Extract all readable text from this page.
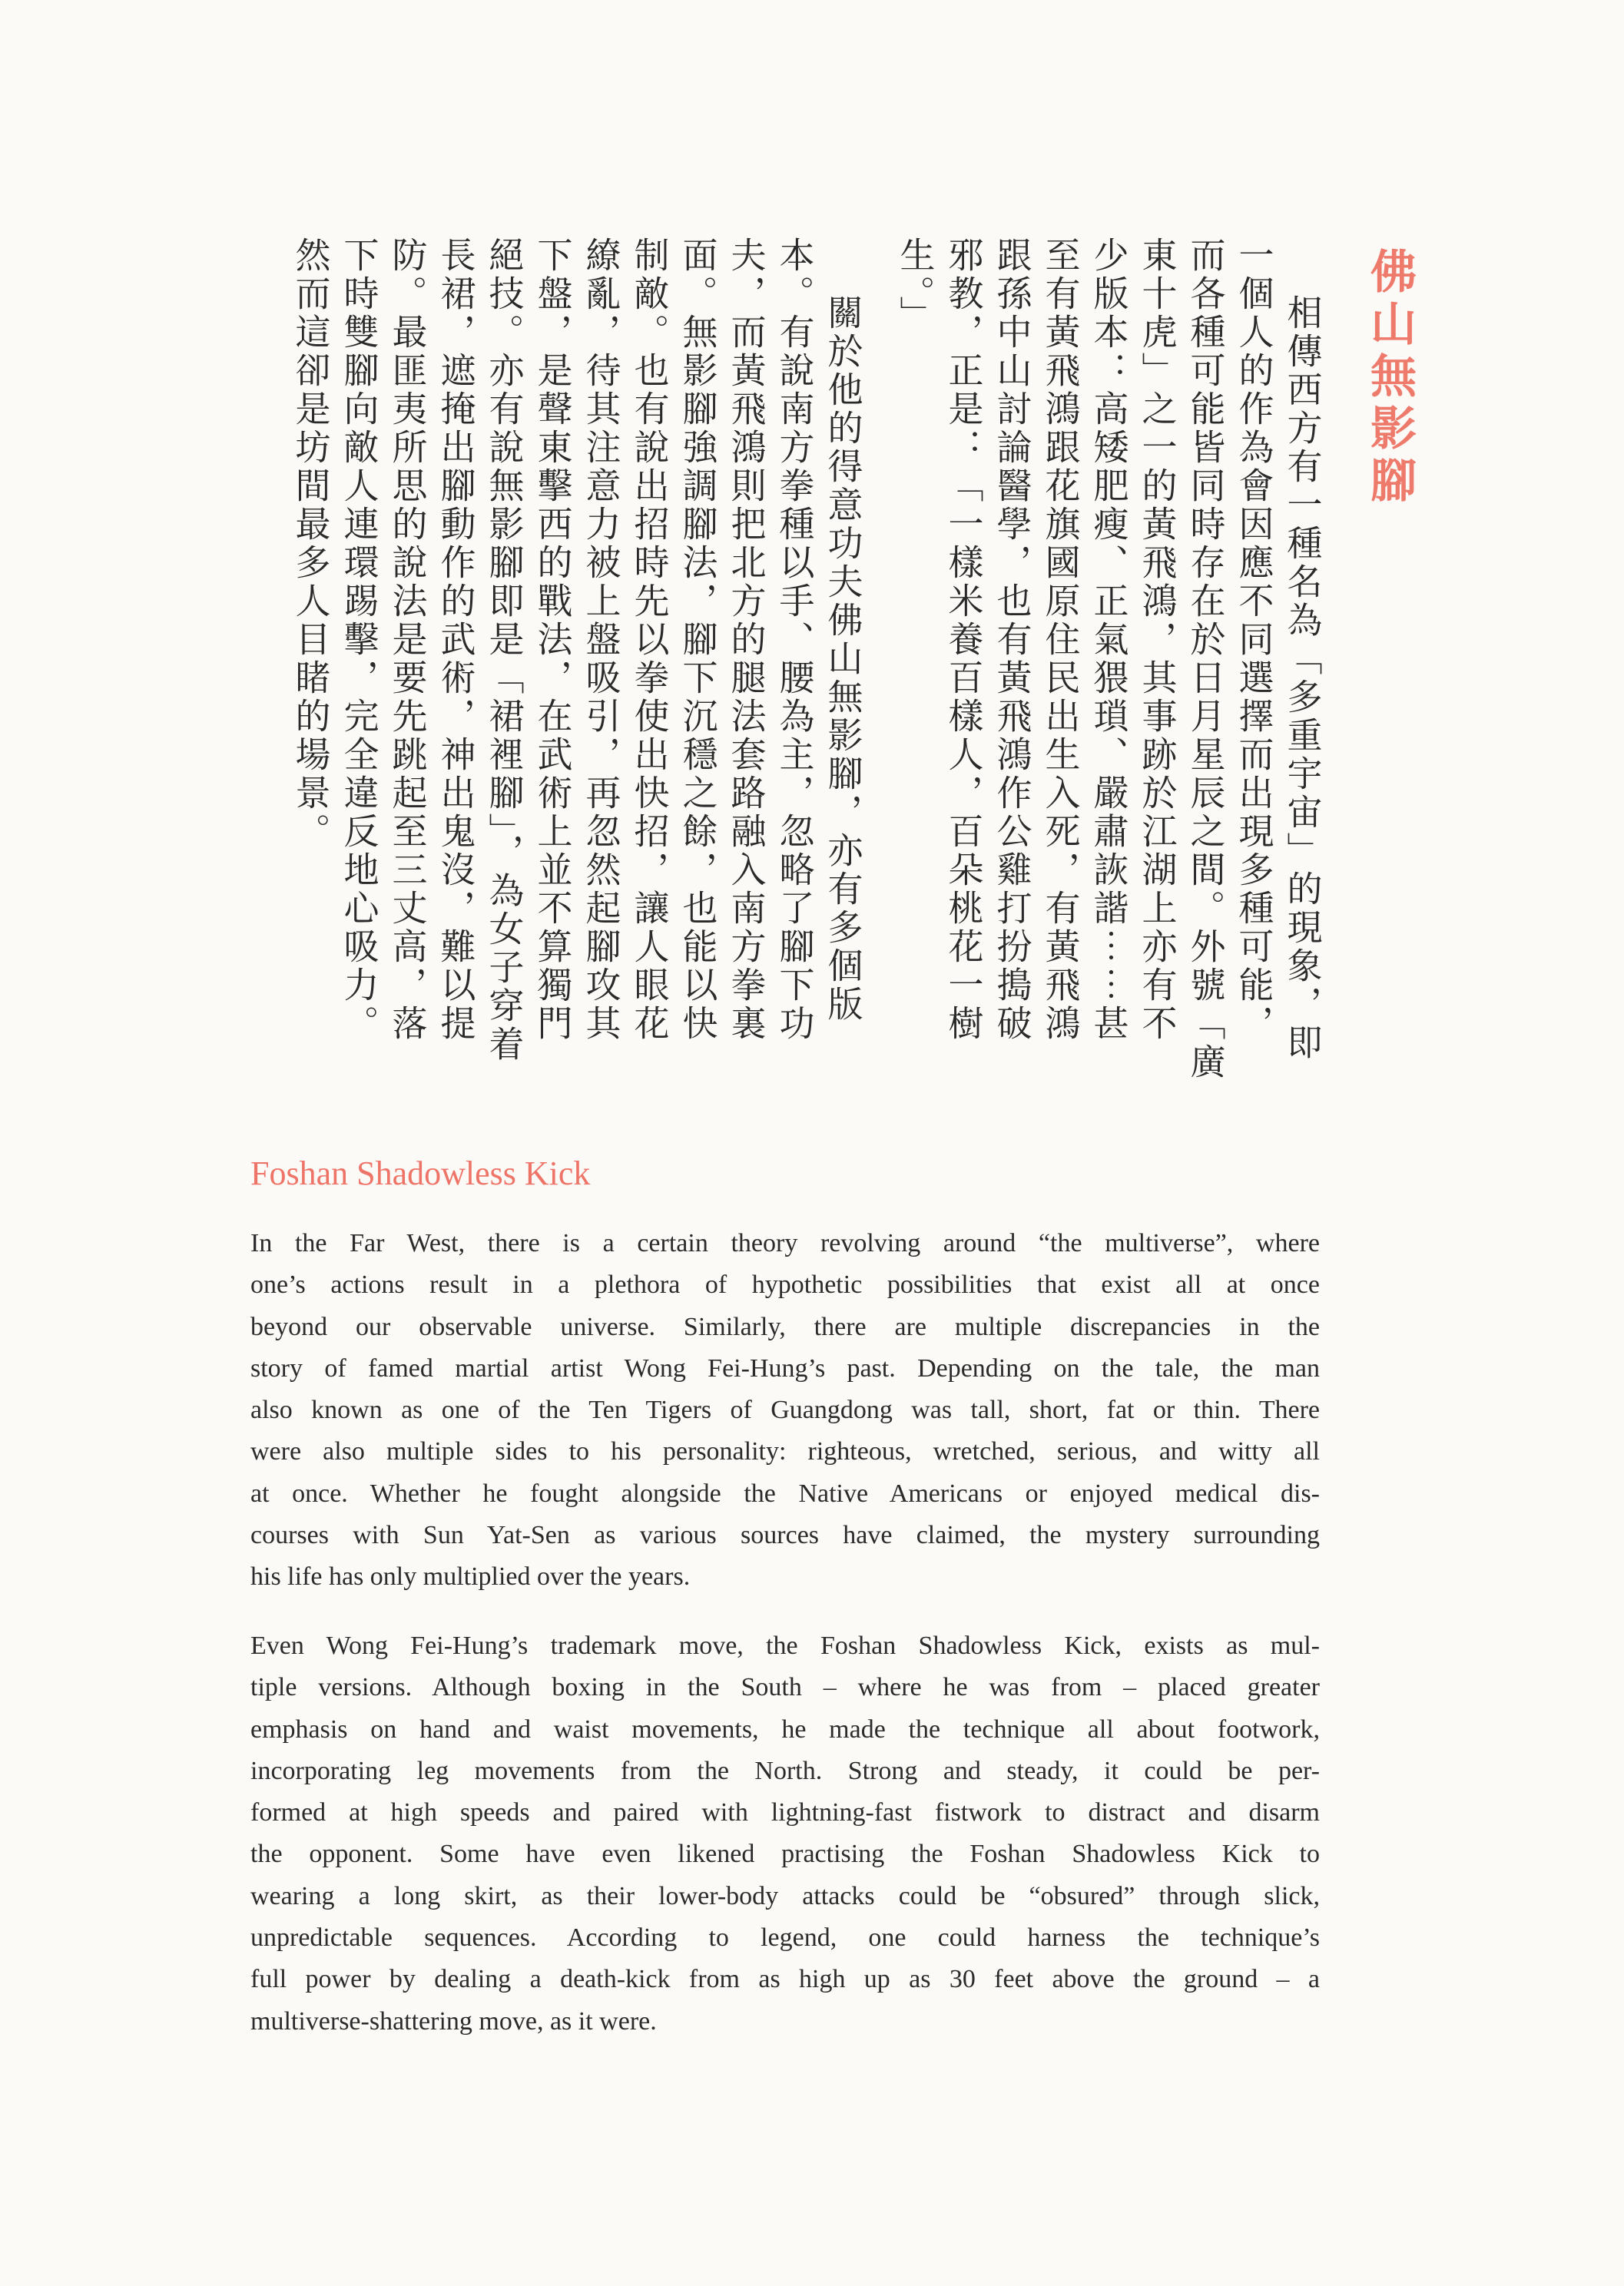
佛山無影腳
相傳西方有一種名為「多重宇宙」的現象，即
一個人的作為會因應不同選擇而出現多種可能，
而各種可能皆同時存在於日月星辰之間。外號「廣
東十虎」之一的黃飛鴻，其事跡於江湖上亦有不
少版本：高矮肥瘦、正氣猥瑣、嚴肅詼諧⋯⋯甚
至有黃飛鴻跟花旗國原住民出生入死，有黃飛鴻
跟孫中山討論醫學，也有黃飛鴻作公雞打扮搗破
邪教，正是：「一樣米養百樣人，百朵桃花一樹
生。」
關於他的得意功夫佛山無影腳，亦有多個版
本。有說南方拳種以手、腰為主，忽略了腳下功
夫，而黃飛鴻則把北方的腿法套路融入南方拳裏
面。無影腳強調腳法，腳下沉穩之餘，也能以快
制敵。也有說出招時先以拳使出快招，讓人眼花
繚亂，待其注意力被上盤吸引，再忽然起腳攻其
下盤，是聲東擊西的戰法，在武術上並不算獨門
絕技。亦有說無影腳即是「裙裡腳」，為女子穿着
長裙，遮掩出腳動作的武術，神出鬼沒，難以提
防。最匪夷所思的說法是要先跳起至三丈高，落
下時雙腳向敵人連環踢擊，完全違反地心吸力。
然而這卻是坊間最多人目睹的場景。
Foshan Shadowless Kick
In the Far West, there is a certain theory revolving around “the multiverse”, where
one’s actions result in a plethora of hypothetic possibilities that exist all at once
beyond our observable universe. Similarly, there are multiple discrepancies in the
story of famed martial artist Wong Fei-Hung’s past. Depending on the tale, the man
also known as one of the Ten Tigers of Guangdong was tall, short, fat or thin. There
were also multiple sides to his personality: righteous, wretched, serious, and witty all
at once. Whether he fought alongside the Native Americans or enjoyed medical dis-
courses with Sun Yat-Sen as various sources have claimed, the mystery surrounding
his life has only multiplied over the years.
Even Wong Fei-Hung’s trademark move, the Foshan Shadowless Kick, exists as mul-
tiple versions. Although boxing in the South – where he was from – placed greater
emphasis on hand and waist movements, he made the technique all about footwork,
incorporating leg movements from the North. Strong and steady, it could be per-
formed at high speeds and paired with lightning-fast fistwork to distract and disarm
the opponent. Some have even likened practising the Foshan Shadowless Kick to
wearing a long skirt, as their lower-body attacks could be “obsured” through slick,
unpredictable sequences. According to legend, one could harness the technique’s
full power by dealing a death-kick from as high up as 30 feet above the ground – a
multiverse-shattering move, as it were.
